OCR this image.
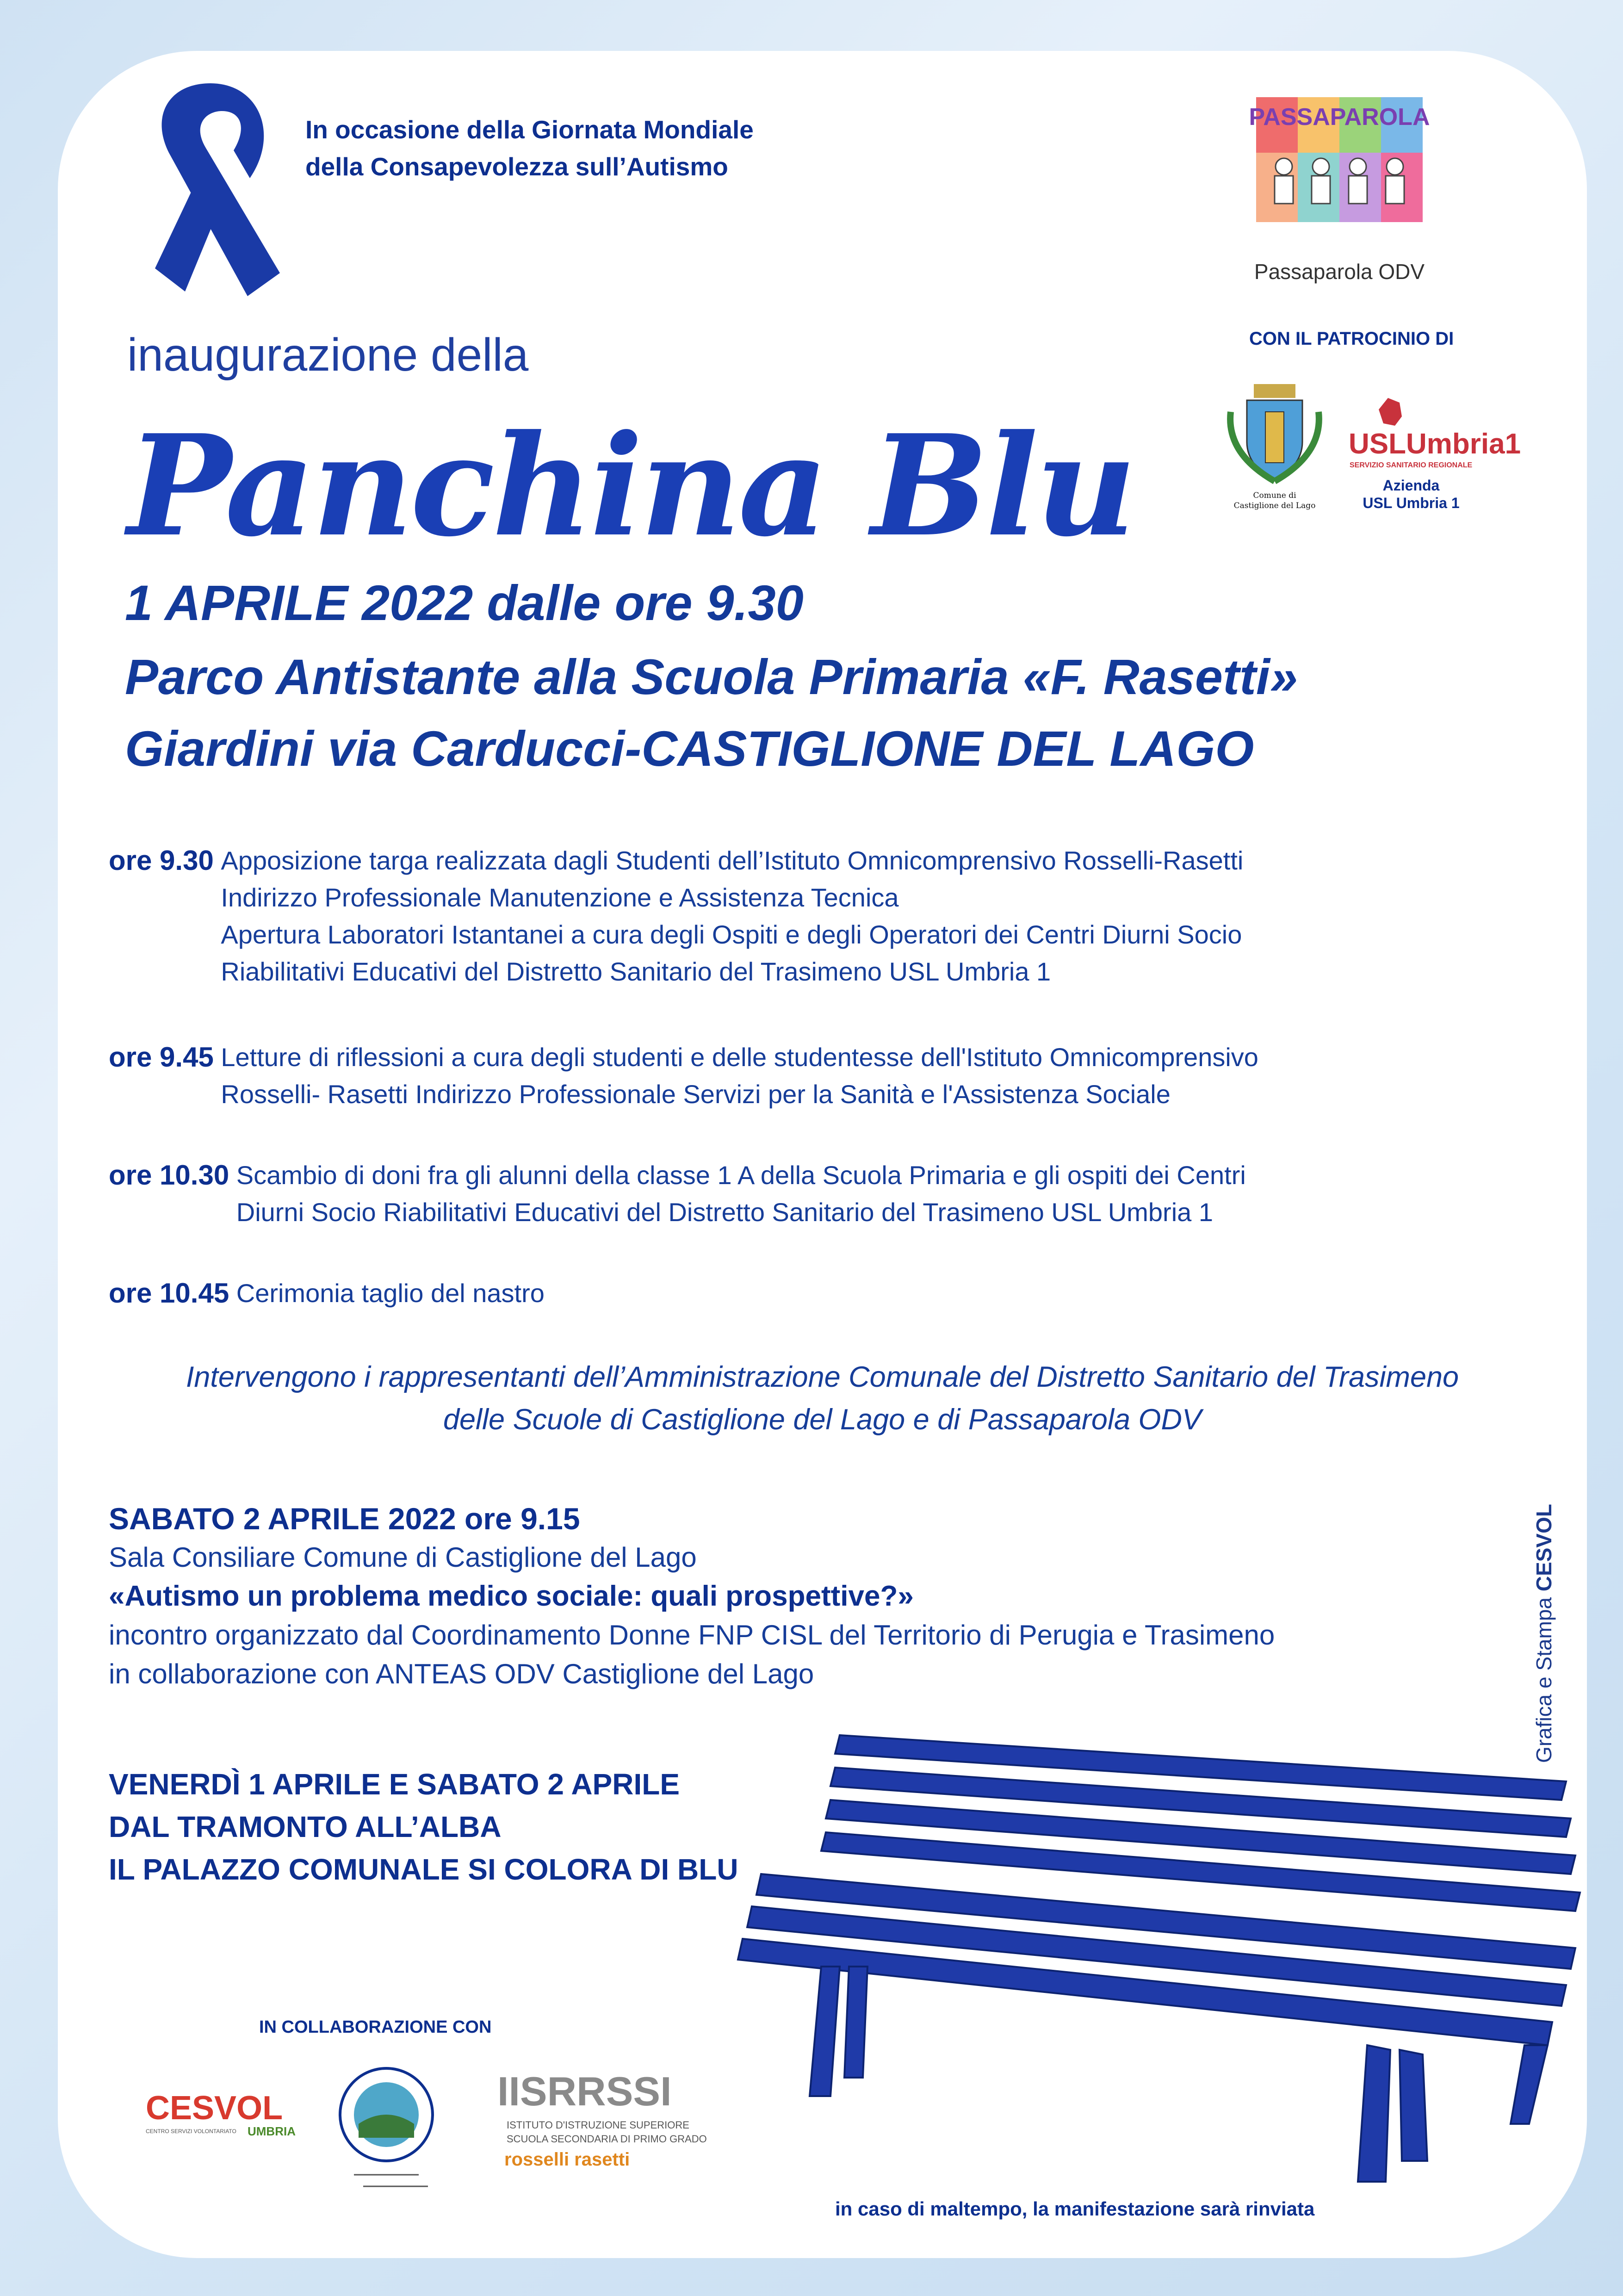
In occasione della Giornata Mondiale
della Consapevolezza sull’Autismo
inaugurazione della
Panchina Blu
1 APRILE 2022 dalle ore 9.30
Parco Antistante alla Scuola Primaria «F. Rasetti»
Giardini via Carducci-CASTIGLIONE DEL LAGO
PASSAPAROLA
Passaparola ODV
CON IL PATROCINIO DI
Comune di
Castiglione del Lago
USLUmbria1
SERVIZIO SANITARIO REGIONALE
Azienda
USL Umbria 1
ore 9.30 Apposizione targa realizzata dagli Studenti dell’Istituto Omnicomprensivo Rosselli-Rasetti
Indirizzo Professionale Manutenzione e Assistenza Tecnica
Apertura Laboratori Istantanei a cura degli Ospiti e degli Operatori dei Centri Diurni Socio
Riabilitativi Educativi del Distretto Sanitario del Trasimeno USL Umbria 1
ore 9.45 Letture di riflessioni a cura degli studenti e delle studentesse dell'Istituto Omnicomprensivo
Rosselli- Rasetti Indirizzo Professionale Servizi per la Sanità e l'Assistenza Sociale
ore 10.30 Scambio di doni fra gli alunni della classe 1 A della Scuola Primaria e gli ospiti dei Centri
Diurni Socio Riabilitativi Educativi del Distretto Sanitario del Trasimeno USL Umbria 1
ore 10.45 Cerimonia taglio del nastro
Intervengono i rappresentanti dell’Amministrazione Comunale del Distretto Sanitario del Trasimeno
delle Scuole di Castiglione del Lago e di Passaparola ODV
SABATO 2 APRILE 2022 ore 9.15
Sala Consiliare Comune di Castiglione del Lago
«Autismo un problema medico sociale: quali prospettive?»
incontro organizzato dal Coordinamento Donne FNP CISL del Territorio di Perugia e Trasimeno
in collaborazione con ANTEAS ODV Castiglione del Lago
VENERDÌ 1 APRILE E SABATO 2 APRILE
DAL TRAMONTO ALL’ALBA
IL PALAZZO COMUNALE SI COLORA DI BLU
IN COLLABORAZIONE CON
CESVOL
UMBRIA
CENTRO SERVIZI VOLONTARIATO
IISRRSSI
ISTITUTO D'ISTRUZIONE SUPERIORE
SCUOLA SECONDARIA DI PRIMO GRADO
rosselli rasetti
in caso di maltempo, la manifestazione sarà rinviata
Grafica e Stampa CESVOL
